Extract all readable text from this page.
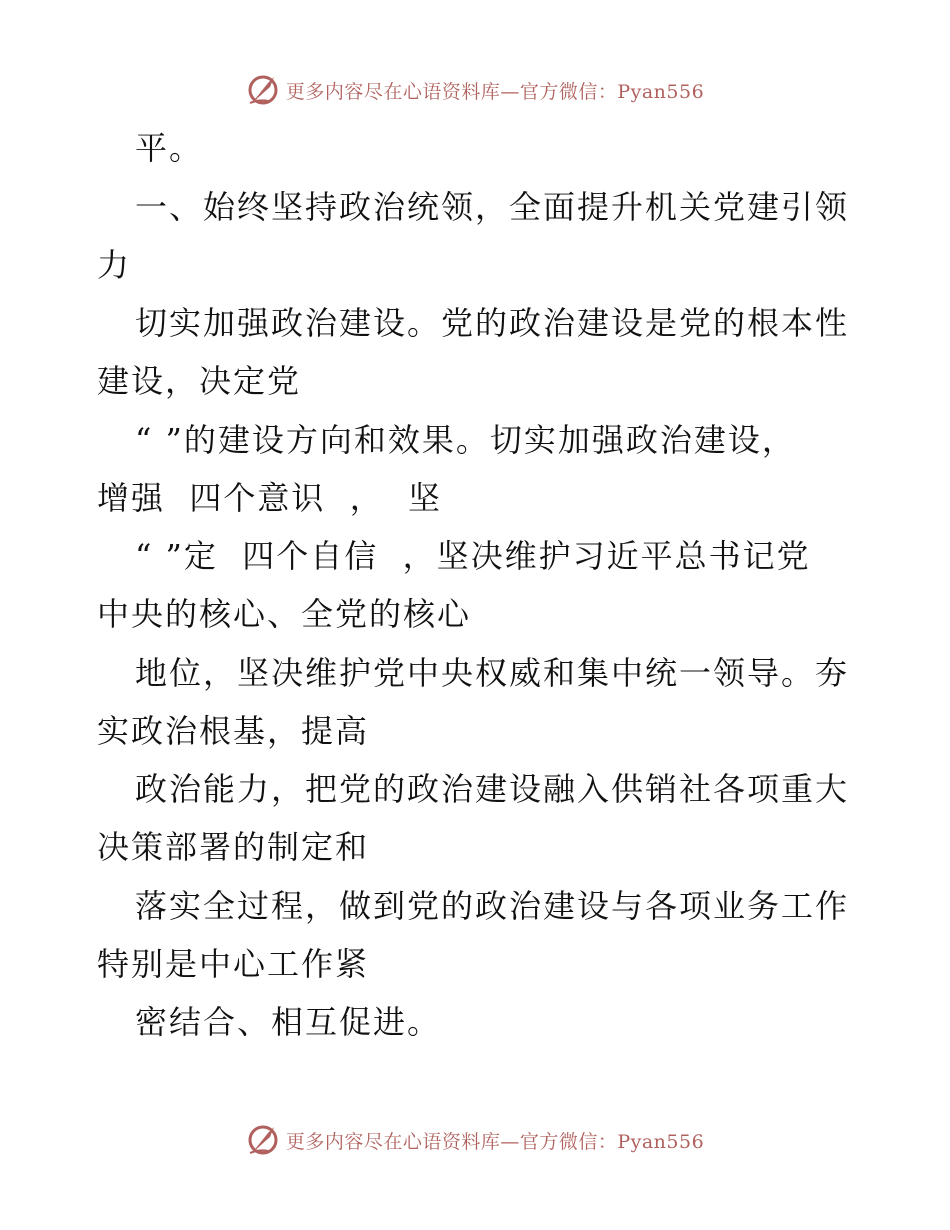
更多内容尽在心语资料库—官方微信：Pyan556
平。
一、始终坚持政治统领，全面提升机关党建引领
力
切实加强政治建设。党的政治建设是党的根本性
建设，决定党
“ ”的建设方向和效果。切实加强政治建设，
增强  四个意识  ，  坚
“ ”定  四个自信  ，坚决维护习近平总书记党
中央的核心、全党的核心
地位，坚决维护党中央权威和集中统一领导。夯
实政治根基，提高
政治能力，把党的政治建设融入供销社各项重大
决策部署的制定和
落实全过程，做到党的政治建设与各项业务工作
特别是中心工作紧
密结合、相互促进。
更多内容尽在心语资料库—官方微信：Pyan556
